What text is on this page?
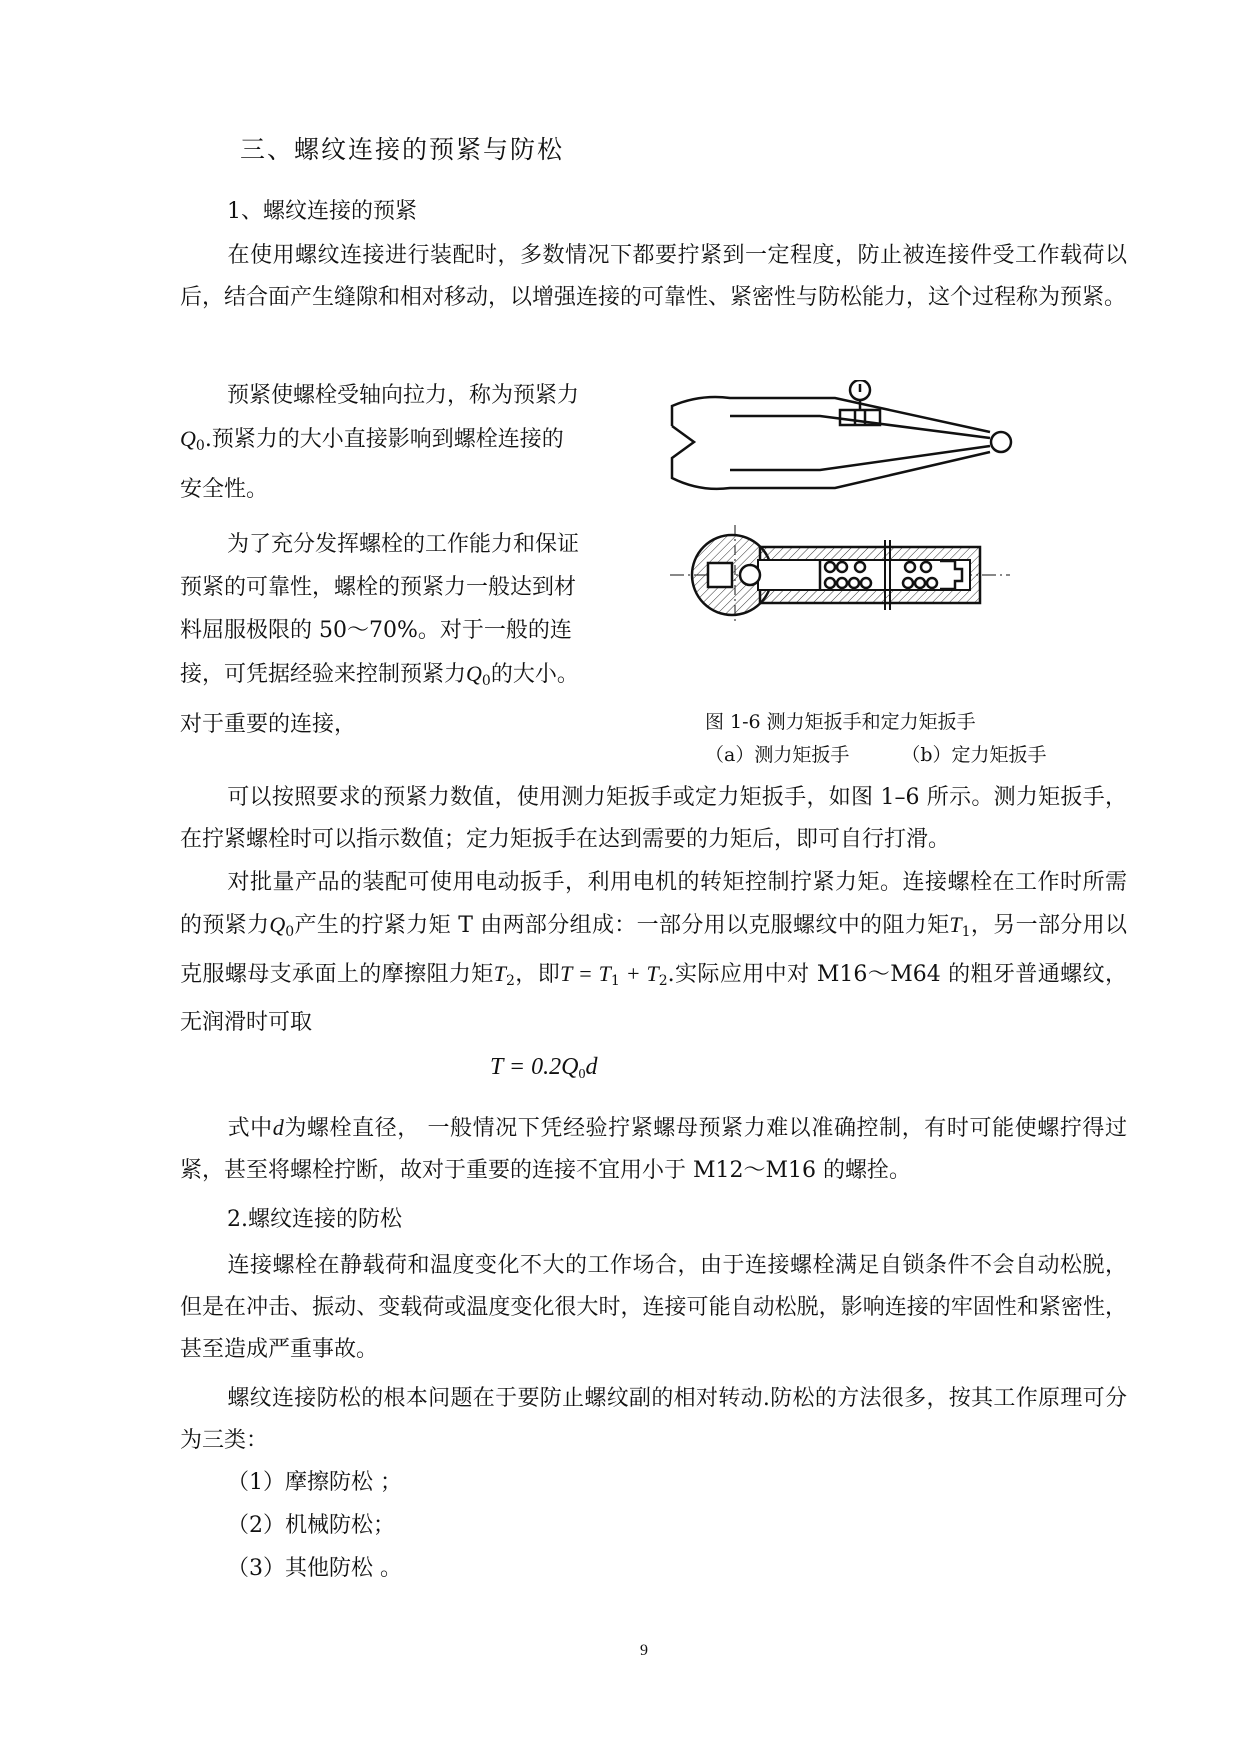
三、螺纹连接的预紧与防松
1、螺纹连接的预紧
在使用螺纹连接进行装配时，多数情况下都要拧紧到一定程度，防止被连接件受工作载荷以后，结合面产生缝隙和相对移动，以增强连接的可靠性、紧密性与防松能力，这个过程称为预紧。
预紧使螺栓受轴向拉力，称为预紧力$Q_0$.预紧力的大小直接影响到螺栓连接的安全性。
为了充分发挥螺栓的工作能力和保证预紧的可靠性，螺栓的预紧力一般达到材料屈服极限的 50～70%。对于一般的连接，可凭据经验来控制预紧力$Q_0$的大小。对于重要的连接，	图 1-6 测力矩扳手和定力矩扳手
（a）测力矩扳手	（b）定力矩扳手
可以按照要求的预紧力数值，使用测力矩扳手或定力矩扳手，如图 1–6 所示。测力矩扳手，在拧紧螺栓时可以指示数值；定力矩扳手在达到需要的力矩后，即可自行打滑。
对批量产品的装配可使用电动扳手，利用电机的转矩控制拧紧力矩。连接螺栓在工作时所需的预紧力$Q_0$产生的拧紧力矩 T 由两部分组成：一部分用以克服螺纹中的阻力矩$T_1$，另一部分用以克服螺母支承面上的摩擦阻力矩$T_2$，即$T = T_1 + T_2$.实际应用中对 M16～M64 的粗牙普通螺纹，无润滑时可取
$T = 0.2Q_0d$
式中d为螺栓直径， 一般情况下凭经验拧紧螺母预紧力难以准确控制，有时可能使螺拧得过紧，甚至将螺栓拧断，故对于重要的连接不宜用小于 M12～M16 的螺拴。
2.螺纹连接的防松
连接螺栓在静载荷和温度变化不大的工作场合，由于连接螺栓满足自锁条件不会自动松脱，但是在冲击、振动、变载荷或温度变化很大时，连接可能自动松脱，影响连接的牢固性和紧密性，甚至造成严重事故。
螺纹连接防松的根本问题在于要防止螺纹副的相对转动.防松的方法很多，按其工作原理可分为三类：
（1）摩擦防松 ；
（2）机械防松；
（3）其他防松 。
9
